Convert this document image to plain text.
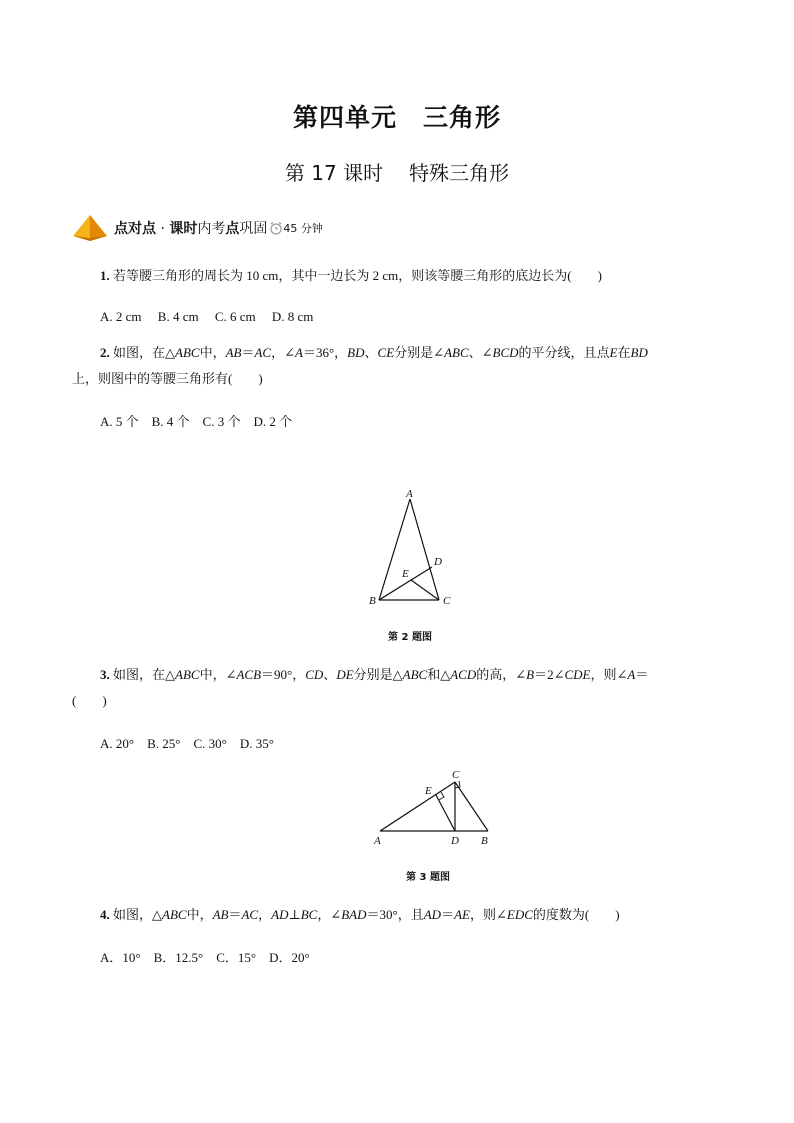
第四单元 三角形
第 17 课时 特殊三角形
点对点 · 课时内考点巩固 45 分钟
1. 若等腰三角形的周长为 10 cm，其中一边长为 2 cm，则该等腰三角形的底边长为(　　)
A. 2 cm　 B. 4 cm　 C. 6 cm　 D. 8 cm
2. 如图，在△ABC中，AB＝AC，∠A＝36°，BD、CE分别是∠ABC、∠BCD的平分线，且点E在BD
上，则图中的等腰三角形有(　　)
A. 5 个　B. 4 个　C. 3 个　D. 2 个
A
B	C
D
E
第 2 题图
3. 如图，在△ABC中，∠ACB＝90°，CD、DE分别是△ABC和△ACD的高，∠B＝2∠CDE，则∠A＝
(　　)
A. 20°　B. 25°　C. 30°　D. 35°
A	B
C
D
E
第 3 题图
4. 如图，△ABC中，AB＝AC，AD⊥BC，∠BAD＝30°，且AD＝AE，则∠EDC的度数为(　　)
A．10°　B．12.5°　C．15°　D．20°
